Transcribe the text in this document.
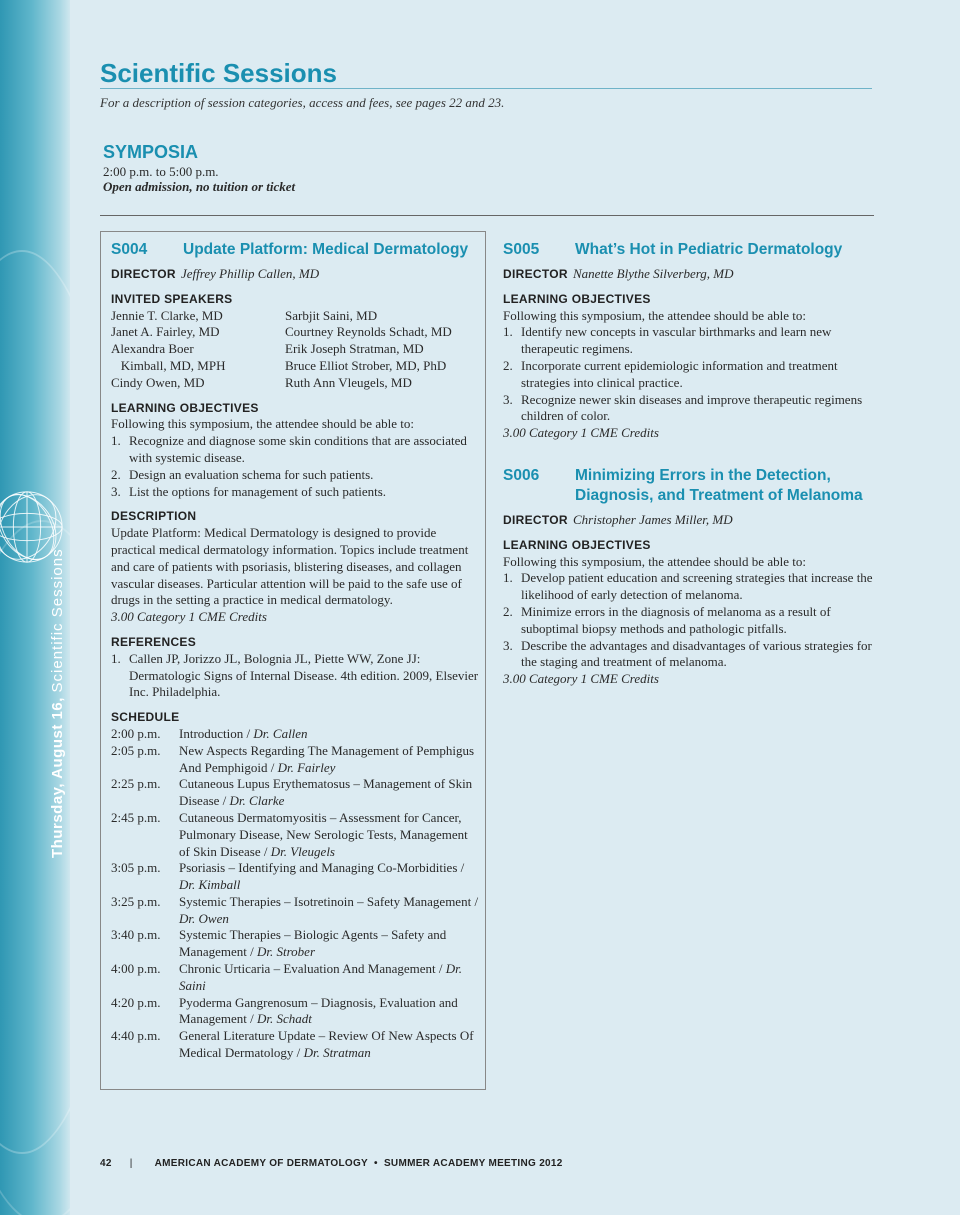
Thursday, August 16, Scientific Sessions
Scientific Sessions
For a description of session categories, access and fees, see pages 22 and 23.
SYMPOSIA
2:00 p.m. to 5:00 p.m.
Open admission, no tuition or ticket
S004	Update Platform: Medical Dermatology
DIRECTOR Jeffrey Phillip Callen, MD
INVITED SPEAKERS
Jennie T. Clarke, MD	Sarbjit Saini, MD
Janet A. Fairley, MD	Courtney Reynolds Schadt, MD
Alexandra Boer	Erik Joseph Stratman, MD
Kimball, MD, MPH	Bruce Elliot Strober, MD, PhD
Cindy Owen, MD	Ruth Ann Vleugels, MD
LEARNING OBJECTIVES
Following this symposium, the attendee should be able to:
1. Recognize and diagnose some skin conditions that are associated with systemic disease.
2. Design an evaluation schema for such patients.
3. List the options for management of such patients.
DESCRIPTION
Update Platform: Medical Dermatology is designed to provide practical medical dermatology information. Topics include treatment and care of patients with psoriasis, blistering diseases, and collagen vascular diseases. Particular attention will be paid to the safe use of drugs in the setting a practice in medical dermatology.
3.00 Category 1 CME Credits
REFERENCES
1. Callen JP, Jorizzo JL, Bolognia JL, Piette WW, Zone JJ: Dermatologic Signs of Internal Disease. 4th edition. 2009, Elsevier Inc. Philadelphia.
SCHEDULE
2:00 p.m.	Introduction / Dr. Callen
2:05 p.m.	New Aspects Regarding The Management of Pemphigus And Pemphigoid / Dr. Fairley
2:25 p.m.	Cutaneous Lupus Erythematosus – Management of Skin Disease / Dr. Clarke
2:45 p.m.	Cutaneous Dermatomyositis – Assessment for Cancer, Pulmonary Disease, New Serologic Tests, Management of Skin Disease / Dr. Vleugels
3:05 p.m.	Psoriasis – Identifying and Managing Co-Morbidities / Dr. Kimball
3:25 p.m.	Systemic Therapies – Isotretinoin – Safety Management / Dr. Owen
3:40 p.m.	Systemic Therapies – Biologic Agents – Safety and Management / Dr. Strober
4:00 p.m.	Chronic Urticaria – Evaluation And Management / Dr. Saini
4:20 p.m.	Pyoderma Gangrenosum – Diagnosis, Evaluation and Management / Dr. Schadt
4:40 p.m.	General Literature Update – Review Of New Aspects Of Medical Dermatology / Dr. Stratman
S005	What’s Hot in Pediatric Dermatology
DIRECTOR Nanette Blythe Silverberg, MD
LEARNING OBJECTIVES
Following this symposium, the attendee should be able to:
1. Identify new concepts in vascular birthmarks and learn new therapeutic regimens.
2. Incorporate current epidemiologic information and treatment strategies into clinical practice.
3. Recognize newer skin diseases and improve therapeutic regimens children of color.
3.00 Category 1 CME Credits
S006	Minimizing Errors in the Detection, Diagnosis, and Treatment of Melanoma
DIRECTOR Christopher James Miller, MD
LEARNING OBJECTIVES
Following this symposium, the attendee should be able to:
1. Develop patient education and screening strategies that increase the likelihood of early detection of melanoma.
2. Minimize errors in the diagnosis of melanoma as a result of suboptimal biopsy methods and pathologic pitfalls.
3. Describe the advantages and disadvantages of various strategies for the staging and treatment of melanoma.
3.00 Category 1 CME Credits
42 | AMERICAN ACADEMY OF DERMATOLOGY  •  SUMMER ACADEMY MEETING 2012
